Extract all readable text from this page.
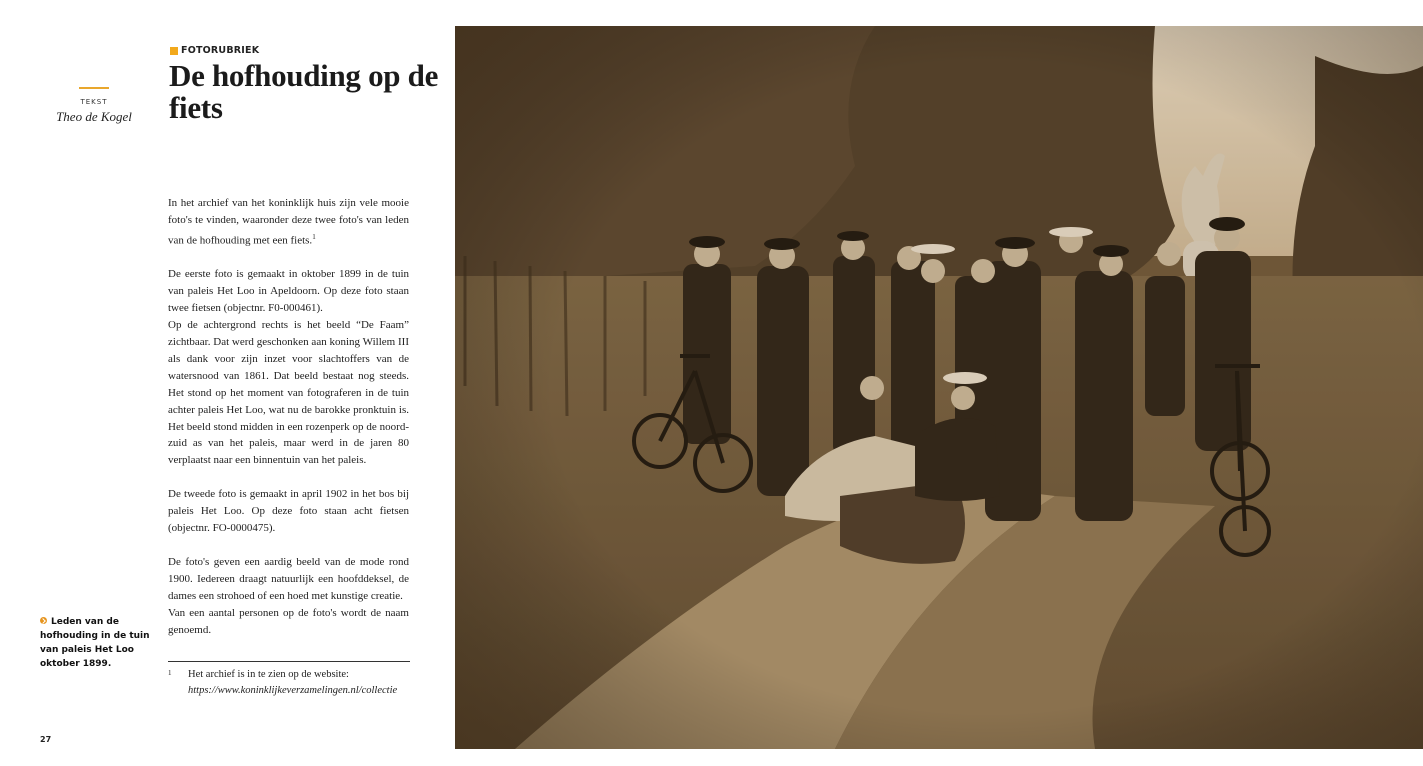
TEKST
Theo de Kogel
FOTORUBRIEK
De hofhouding op de fiets

In het archief van het koninklijk huis zijn vele mooie foto's te vinden, waaronder deze twee foto's van leden van de hofhouding met een fiets.$^1$

De eerste foto is gemaakt in oktober 1899 in de tuin van paleis Het Loo in Apeldoorn. Op deze foto staan twee fietsen (objectnr. F0-000461).

Op de achtergrond rechts is het beeld “De Faam” zichtbaar. Dat werd geschonken aan koning Willem III als dank voor zijn inzet voor slachtoffers van de watersnood van 1861. Dat beeld bestaat nog steeds. Het stond op het moment van fotograferen in de tuin achter paleis Het Loo, wat nu de barokke pronktuin is. Het beeld stond midden in een rozenperk op de noord-zuid as van het paleis, maar werd in de jaren 80 verplaatst naar een binnentuin van het paleis.

De tweede foto is gemaakt in april 1902 in het bos bij paleis Het Loo. Op deze foto staan acht fietsen (objectnr. FO-0000475).

De foto's geven een aardig beeld van de mode rond 1900. Iedereen draagt natuurlijk een hoofddeksel, de dames een strohoed of een hoed met kunstige creatie.

Van een aantal personen op de foto's wordt de naam genoemd.

Leden van de hofhouding in de tuin van paleis Het Loo oktober 1899.
1 Het archief is in te zien op de website:
https://www.koninklijkeverzamelingen.nl/collectie
27
